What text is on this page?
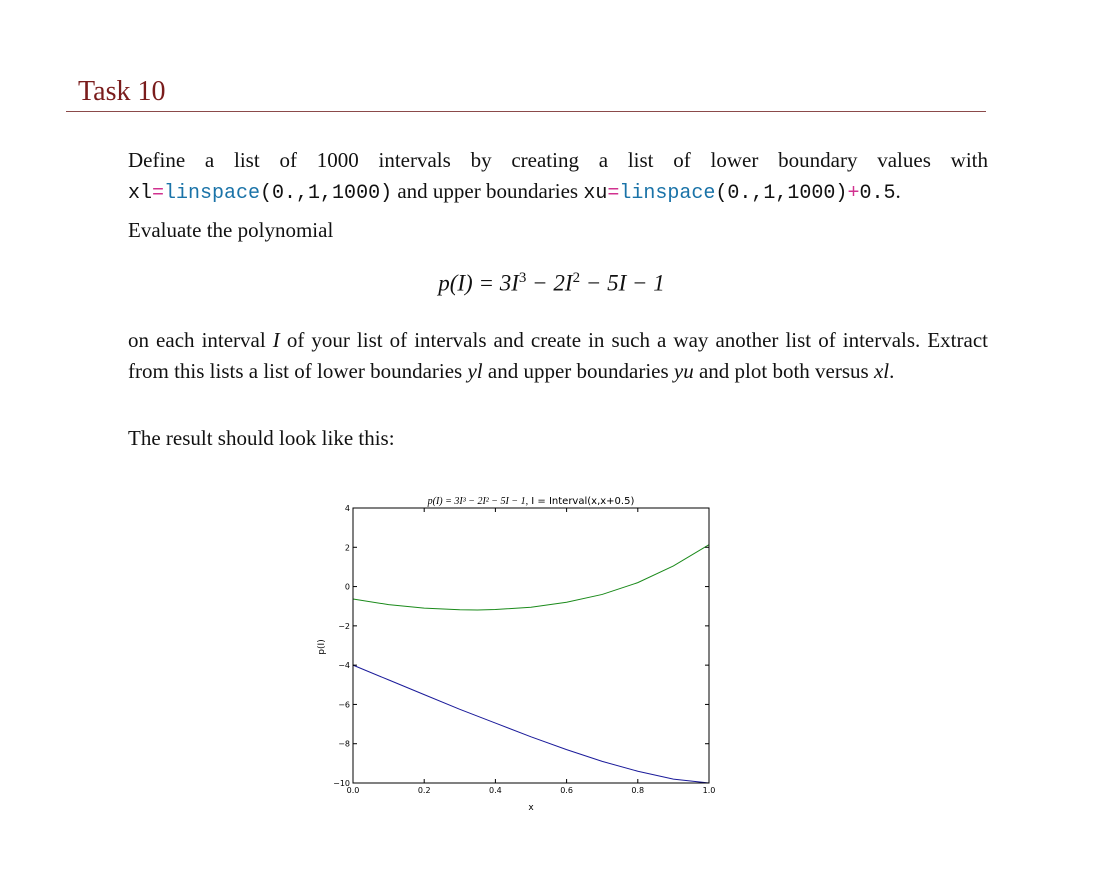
Task 10
Define a list of 1000 intervals by creating a list of lower boundary values with
xl=linspace(0.,1,1000) and upper boundaries xu=linspace(0.,1,1000)+0.5.
Evaluate the polynomial
$p(I) = 3I^3 - 2I^2 - 5I - 1$
on each interval I of your list of intervals and create in such a way another list of intervals. Extract from this lists a list of lower boundaries yl and upper boundaries yu and plot both versus xl.
The result should look like this:
p(I) = 3I³ − 2I² − 5I − 1, I = Interval(x,x+0.5)
0.0	0.2	0.4	0.6	0.8	1.0
4
2
0
−2
−4
−6
−8
−10
x
p(I)
